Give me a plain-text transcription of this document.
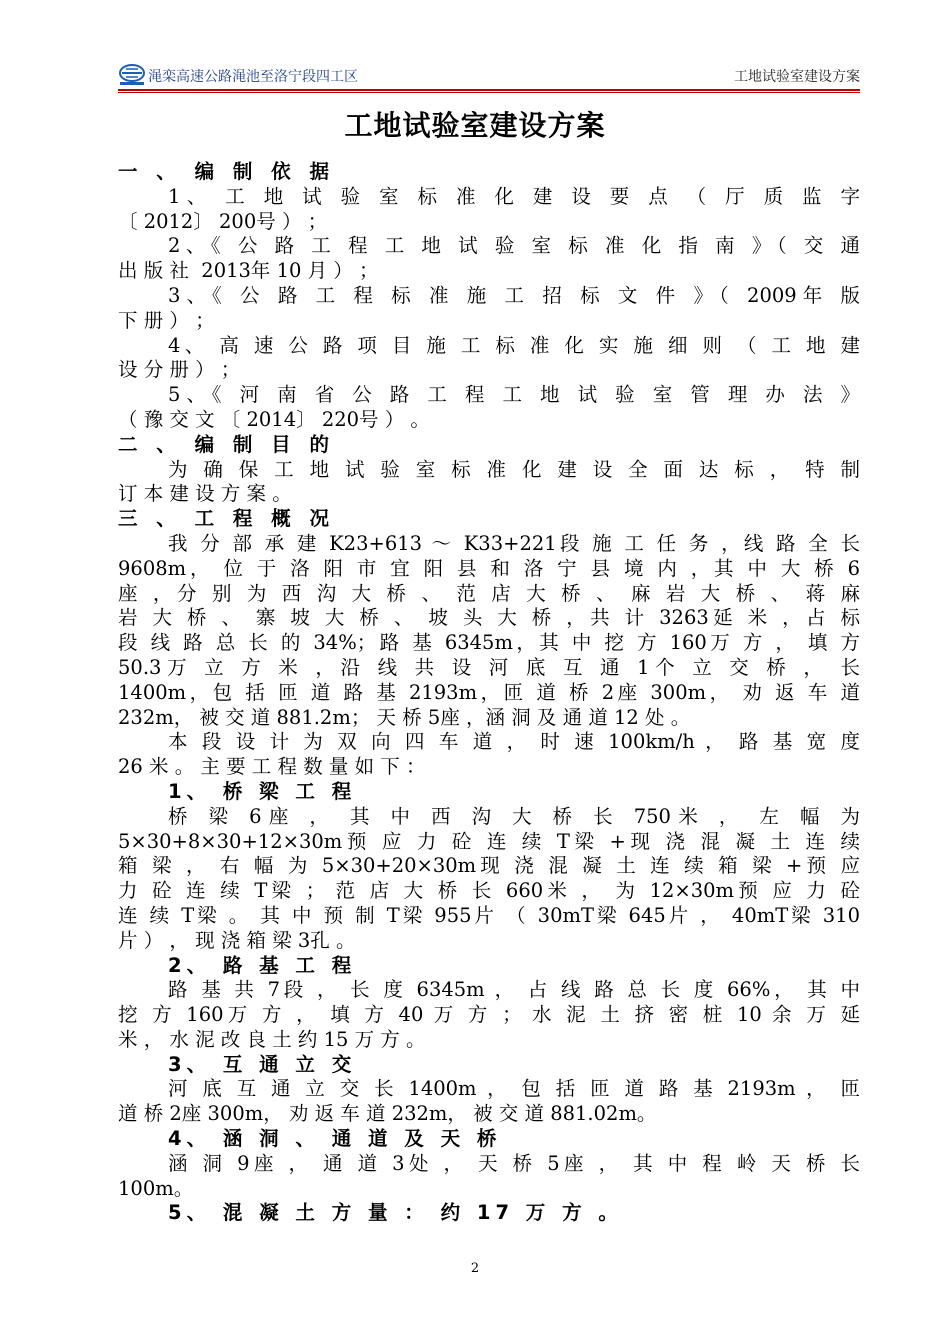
渑栾高速公路渑池至洛宁段四工区	工地试验室建设方案
工地试验室建设方案
一 、 编 制 依 据
1、 工 地 试 验 室 标 准 化 建 设 要 点 （ 厅 质 监 字
〔 2012〕 200号 ） ；
2、《 公 路 工 程 工 地 试 验 室 标 准 化 指 南 》（ 交 通
出 版 社  2013年 10 月 ） ；
3、《 公 路 工 程 标 准 施 工 招 标 文 件 》（ 2009年 版
下 册 ） ；
4、 高 速 公 路 项 目 施 工 标 准 化 实 施 细 则 （ 工 地 建
设 分 册 ） ；
5、《 河 南 省 公 路 工 程 工 地 试 验 室 管 理 办 法 》
（ 豫 交 文 〔 2014〕 220号 ） 。
二 、 编 制 目 的
为 确 保 工 地 试 验 室 标 准 化 建 设 全 面 达 标 ， 特 制
订 本 建 设 方 案 。
三 、 工 程 概 况
我 分 部 承 建 K23+613 ～ K33+221段 施 工 任 务 ，线 路 全 长
9608m， 位 于 洛 阳 市 宜 阳 县 和 洛 宁 县 境 内 ，其 中 大 桥 6
座 ，分 别 为 西 沟 大 桥 、 范 店 大 桥 、 麻 岩 大 桥 、 蒋 麻
岩 大 桥 、 寨 坡 大 桥 、 坡 头 大 桥 ，共 计 3263延 米 ，占 标
段 线 路 总 长 的 34%；路 基 6345m，其 中 挖 方 160万 方 ， 填 方
50.3万 立 方 米 ，沿 线 共 设 河 底 互 通 1个 立 交 桥 ， 长
1400m，包 括 匝 道 路 基 2193m，匝 道 桥 2座 300m， 劝 返 车 道
232m， 被 交 道 881.2m； 天 桥 5座 ，涵 洞 及 通 道 12 处 。
本 段 设 计 为 双 向 四 车 道 ， 时 速 100km/h ， 路 基 宽 度
26 米 。 主 要 工 程 数 量 如 下 ：
1、 桥 梁 工 程
桥 梁 6座 ， 其 中 西 沟 大 桥 长 750米 ， 左 幅 为
5×30+8×30+12×30m预 应 力 砼 连 续 T梁 +现 浇 混 凝 土 连 续
箱 梁 ， 右 幅 为 5×30+20×30m现 浇 混 凝 土 连 续 箱 梁 +预 应
力 砼 连 续 T梁 ； 范 店 大 桥 长 660米 ， 为 12×30m预 应 力 砼
连 续 T梁 。 其 中 预 制 T梁 955片 （ 30mT梁 645片 ， 40mT梁 310
片 ） ， 现 浇 箱 梁 3孔 。
2、 路 基 工 程
路 基 共 7段 ， 长 度 6345m ， 占 线 路 总 长 度 66%， 其 中
挖 方 160万 方 ， 填 方 40 万 方 ； 水 泥 土 挤 密 桩 10 余 万 延
米 ， 水 泥 改 良 土 约 15 万 方 。
3、 互 通 立 交
河 底 互 通 立 交 长 1400m ， 包 括 匝 道 路 基 2193m ， 匝
道 桥 2座 300m， 劝 返 车 道 232m， 被 交 道 881.02m。
4、 涵 洞 、 通 道 及 天 桥
涵 洞 9座 ， 通 道 3处 ， 天 桥 5座 ， 其 中 程 岭 天 桥 长
100m。
5、 混 凝 土 方 量 ： 约 17 万 方 。
2
